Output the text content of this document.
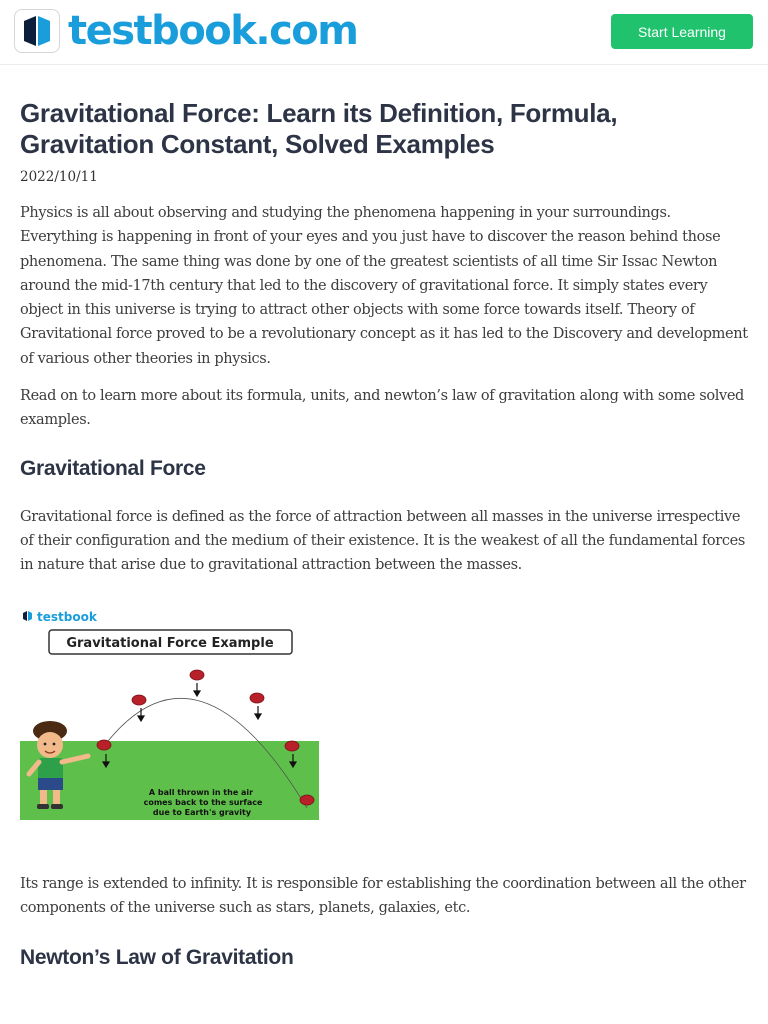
testbook.com	Start Learning
Gravitational Force: Learn its Definition, Formula, Gravitation Constant, Solved Examples
2022/10/11

Physics is all about observing and studying the phenomena happening in your surroundings. Everything is happening in front of your eyes and you just have to discover the reason behind those phenomena. The same thing was done by one of the greatest scientists of all time Sir Issac Newton around the mid-17th century that led to the discovery of gravitational force. It simply states every object in this universe is trying to attract other objects with some force towards itself. Theory of Gravitational force proved to be a revolutionary concept as it has led to the Discovery and development of various other theories in physics.

Read on to learn more about its formula, units, and newton’s law of gravitation along with some solved examples.

Gravitational Force

Gravitational force is defined as the force of attraction between all masses in the universe irrespective of their configuration and the medium of their existence. It is the weakest of all the fundamental forces in nature that arise due to gravitational attraction between the masses.

testbook
Gravitational Force Example
A ball thrown in the air
comes back to the surface
due to Earth's gravity

Its range is extended to infinity. It is responsible for establishing the coordination between all the other components of the universe such as stars, planets, galaxies, etc.

Newton’s Law of Gravitation
